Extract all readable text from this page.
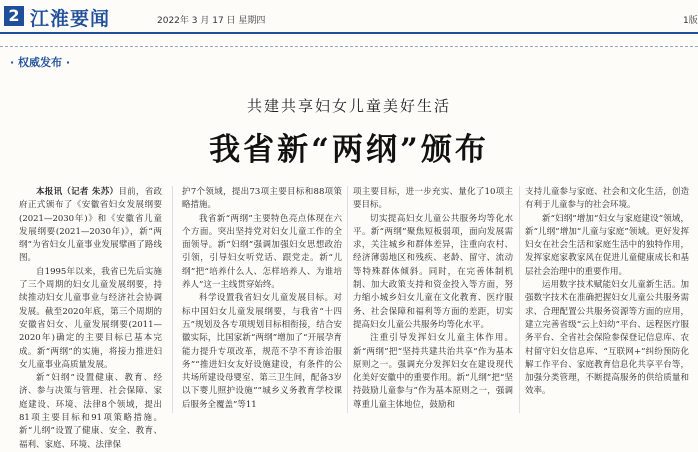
2 江淮要闻	2022年 3 月 17 日 星期四	1版
· 权威发布 ·
共建共享妇女儿童美好生活
我省新“两纲”颁布

本报讯（记者 朱苏）目前，省政府正式颁布了《安徽省妇女发展纲要(2021—2030年)》和《安徽省儿童发展纲要(2021—2030年)》，新“两纲”为省妇女儿童事业发展擘画了路线图。

自1995年以来，我省已先后实施了三个周期的妇女儿童发展纲要，持续推动妇女儿童事业与经济社会协调发展。截至2020年底，第三个周期的安徽省妇女、儿童发展纲要(2011—2020年)确定的主要目标已基本完成。新“两纲”的实施，将接力推进妇女儿童事业高质量发展。

新“妇纲”设置健康、教育、经济、参与决策与管理、社会保障、家庭建设、环境、法律8个领域，提出81项主要目标和91项策略措施。新“儿纲”设置了健康、安全、教育、福利、家庭、环境、法律保

护7个领域，提出73项主要目标和88项策略措施。

我省新“两纲”主要特色亮点体现在六个方面。突出坚持党对妇女儿童工作的全面领导。新“妇纲”强调加强妇女思想政治引领，引导妇女听党话、跟党走。新“儿纲”把“培养什么人、怎样培养人、为谁培养人”这一主线贯穿始终。

科学设置我省妇女儿童发展目标。对标中国妇女儿童发展纲要，与我省“十四五”规划及各专项规划目标相衔接，结合安徽实际，比国家新“两纲”增加了“开展孕育能力提升专项改革，规范不孕不育诊治服务”“推进妇女友好设施建设，有条件的公共场所建设母婴室、第三卫生间，配备3岁以下婴儿照护设施”“城乡义务教育学校课后服务全覆盖”等11

项主要目标，进一步充实、量化了10项主要目标。

切实提高妇女儿童公共服务均等化水平。新“两纲”聚焦短板弱项，面向发展需求，关注城乡和群体差异，注重向农村、经济薄弱地区和残疾、老龄、留守、流动等特殊群体倾斜。同时，在完善体制机制、加大政策支持和资金投入等方面，努力缩小城乡妇女儿童在文化教育、医疗服务、社会保障和福利等方面的差距，切实提高妇女儿童公共服务均等化水平。

注重引导发挥妇女儿童主体作用。新“两纲”把“坚持共建共治共享”作为基本原则之一。强调充分发挥妇女在建设现代化美好安徽中的重要作用。新“儿纲”把“坚持鼓励儿童参与”作为基本原则之一，强调尊重儿童主体地位，鼓励和

支持儿童参与家庭、社会和文化生活，创造有利于儿童参与的社会环境。

新“妇纲”增加“妇女与家庭建设”领域，新“儿纲”增加“儿童与家庭”领域。更好发挥妇女在社会生活和家庭生活中的独特作用，发挥家庭家教家风在促进儿童健康成长和基层社会治理中的重要作用。

运用数字技术赋能妇女儿童新生活。加强数字技术在准确把握妇女儿童公共服务需求、合理配置公共服务资源等方面的应用，建立完善省级“云上妇幼”平台、远程医疗服务平台、全省社会保险参保登记信息库、农村留守妇女信息库、“互联网+”纠纷预防化解工作平台、家庭教育信息化共享平台等，加强分类管理，不断提高服务的供给质量和效率。
